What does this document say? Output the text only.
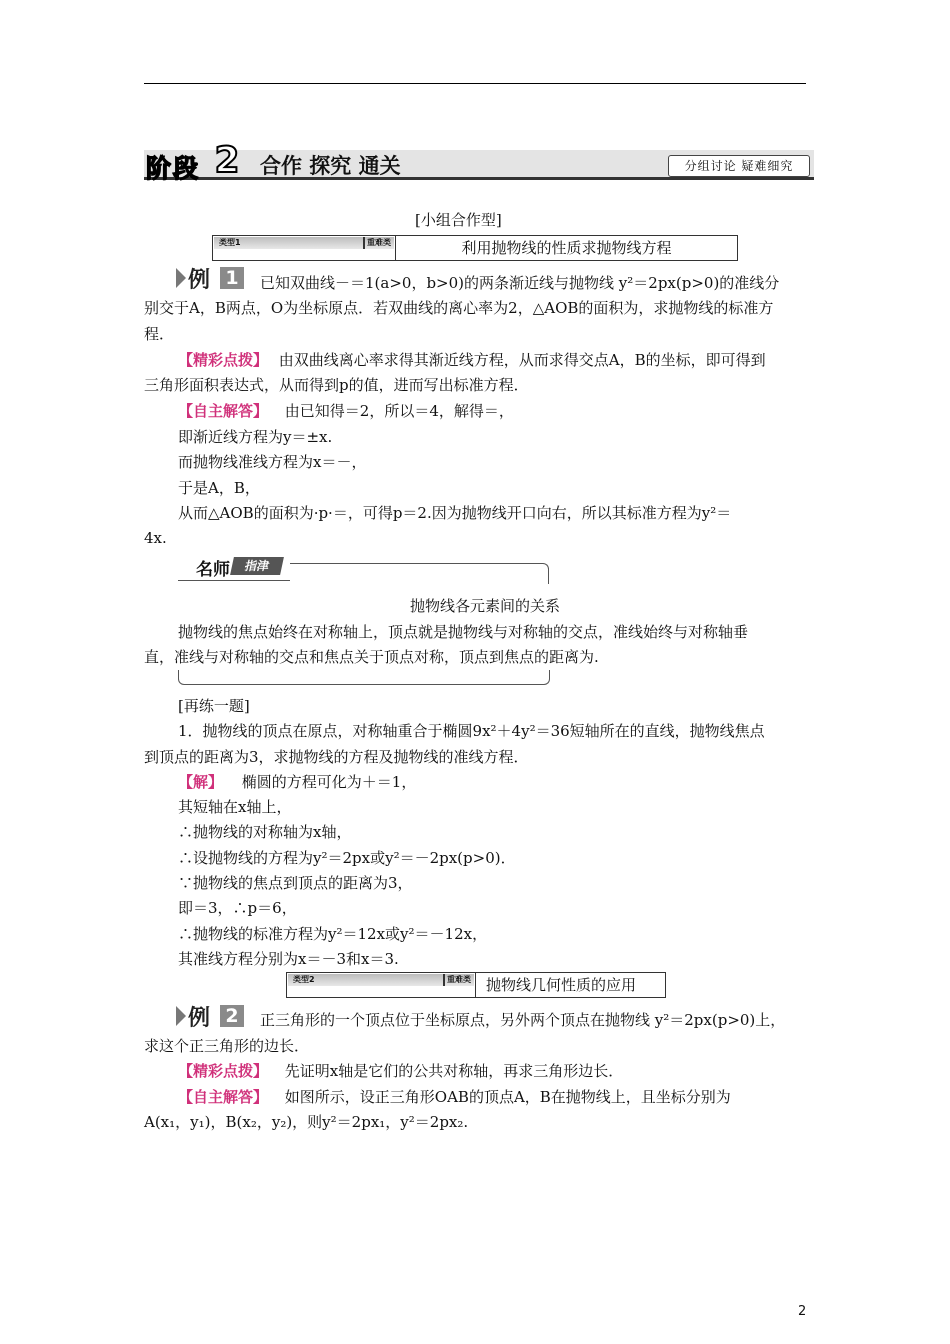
阶段 2 合作 探究 通关	分组讨论 疑难细究
[小组合作型]
类型1	重难类	利用抛物线的性质求抛物线方程
例 1	已知双曲线－＝1(a>0，b>0)的两条渐近线与抛物线 y²＝2px(p>0)的准线分
别交于A，B两点，O为坐标原点．若双曲线的离心率为2，△AOB的面积为，求抛物线的标准方
程．
【精彩点拨】 由双曲线离心率求得其渐近线方程，从而求得交点A，B的坐标，即可得到
三角形面积表达式，从而得到p的值，进而写出标准方程．
【自主解答】 由已知得＝2，所以＝4，解得＝，
即渐近线方程为y＝±x.
而抛物线准线方程为x＝－，
于是A，B，
从而△AOB的面积为·p·＝，可得p＝2.因为抛物线开口向右，所以其标准方程为y²＝
4x.
名师	指津
抛物线各元素间的关系
抛物线的焦点始终在对称轴上，顶点就是抛物线与对称轴的交点，准线始终与对称轴垂
直，准线与对称轴的交点和焦点关于顶点对称，顶点到焦点的距离为.
[再练一题]
1．抛物线的顶点在原点，对称轴重合于椭圆9x²＋4y²＝36短轴所在的直线，抛物线焦点
到顶点的距离为3，求抛物线的方程及抛物线的准线方程．
【解】 椭圆的方程可化为＋＝1，
其短轴在x轴上，
∴抛物线的对称轴为x轴，
∴设抛物线的方程为y²＝2px或y²＝－2px(p>0)．
∵抛物线的焦点到顶点的距离为3，
即＝3，∴p＝6，
∴抛物线的标准方程为y²＝12x或y²＝－12x，
其准线方程分别为x＝－3和x＝3.
类型2	重难类	抛物线几何性质的应用
例 2	正三角形的一个顶点位于坐标原点，另外两个顶点在抛物线 y²＝2px(p>0)上，
求这个正三角形的边长．
【精彩点拨】 先证明x轴是它们的公共对称轴，再求三角形边长．
【自主解答】 如图所示，设正三角形OAB的顶点A，B在抛物线上，且坐标分别为
A(x₁，y₁)，B(x₂，y₂)，则y²＝2px₁，y²＝2px₂.
2
